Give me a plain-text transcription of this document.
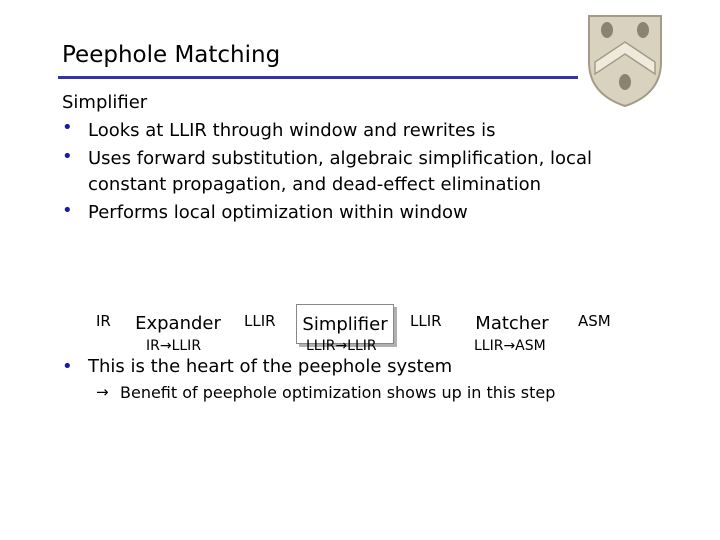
Peephole Matching
Simplifier
• Looks at LLIR through window and rewrites is
• Uses forward substitution, algebraic simplification, local constant propagation, and dead-effect elimination
• Performs local optimization within window
• This is the heart of the peephole system
IR Expander
IR→LLIR
LLIR	Simplifier
LLIR→LLIR
LLIR	Matcher
LLIR→ASM
ASM
→ Benefit of peephole optimization shows up in this step
